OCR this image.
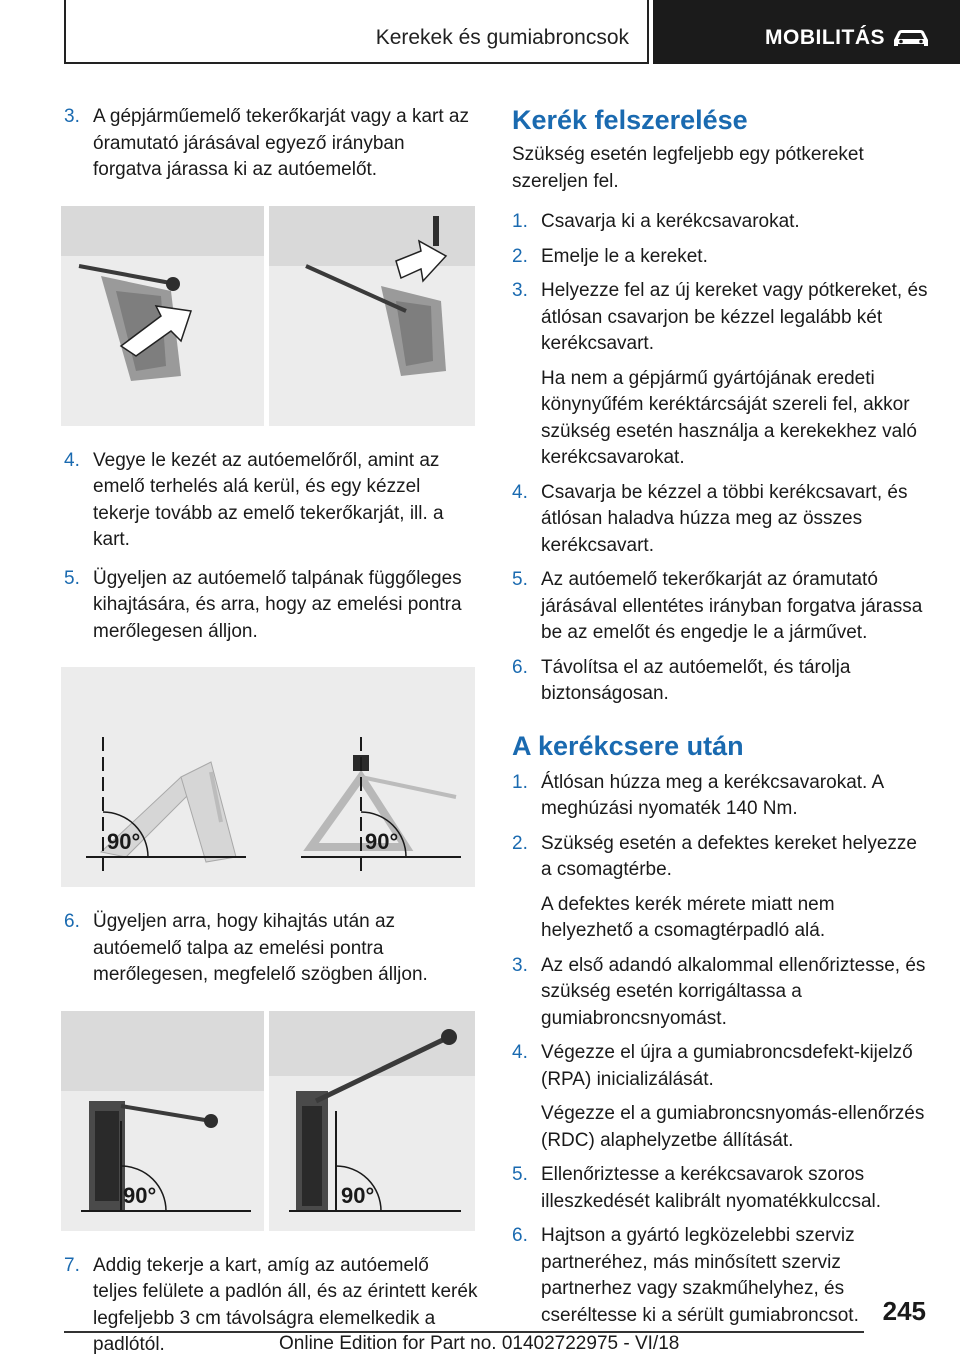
Kerekek és gumiabroncsok	MOBILITÁS
3. A gépjárműemelő tekerőkarját vagy a kart az óramutató járásával egyező irányban forgatva járassa ki az autóemelőt.
4. Vegye le kezét az autóemelőről, amint az emelő terhelés alá kerül, és egy kézzel tekerje tovább az emelő tekerőkarját, ill. a kart.
5. Ügyeljen az autóemelő talpának függőleges kihajtására, és arra, hogy az emelési pontra merőlegesen álljon.
90°	90°
6. Ügyeljen arra, hogy kihajtás után az autóemelő talpa az emelési pontra merőlegesen, megfelelő szögben álljon.
90°	90°
7. Addig tekerje a kart, amíg az autóemelő teljes felülete a padlón áll, és az érintett kerék legfeljebb 3 cm távolságra elemelkedik a padlótól.
Kerék felszerelése
Szükség esetén legfeljebb egy pótkereket szereljen fel.
1. Csavarja ki a kerékcsavarokat.
2. Emelje le a kereket.
3. Helyezze fel az új kereket vagy pótkereket, és átlósan csavarjon be kézzel legalább két kerékcsavart.
Ha nem a gépjármű gyártójának eredeti könynyűfém keréktárcsáját szereli fel, akkor szükség esetén használja a kerekekhez való kerékcsavarokat.
4. Csavarja be kézzel a többi kerékcsavart, és átlósan haladva húzza meg az összes kerékcsavart.
5. Az autóemelő tekerőkarját az óramutató járásával ellentétes irányban forgatva járassa be az emelőt és engedje le a járművet.
6. Távolítsa el az autóemelőt, és tárolja biztonságosan.
A kerékcsere után
1. Átlósan húzza meg a kerékcsavarokat. A meghúzási nyomaték 140 Nm.
2. Szükség esetén a defektes kereket helyezze a csomagtérbe.
A defektes kerék mérete miatt nem helyezhető a csomagtérpadló alá.
3. Az első adandó alkalommal ellenőriztesse, és szükség esetén korrigáltassa a gumiabroncsnyomást.
4. Végezze el újra a gumiabroncsdefekt-kijelző (RPA) inicializálását.
Végezze el a gumiabroncsnyomás-ellenőrzés (RDC) alaphelyzetbe állítását.
5. Ellenőriztesse a kerékcsavarok szoros illeszkedését kalibrált nyomatékkulccsal.
6. Hajtson a gyártó legközelebbi szerviz partneréhez, más minősített szerviz partnerhez vagy szakműhelyhez, és cseréltesse ki a sérült gumiabroncsot. 245
Online Edition for Part no. 01402722975 - VI/18
